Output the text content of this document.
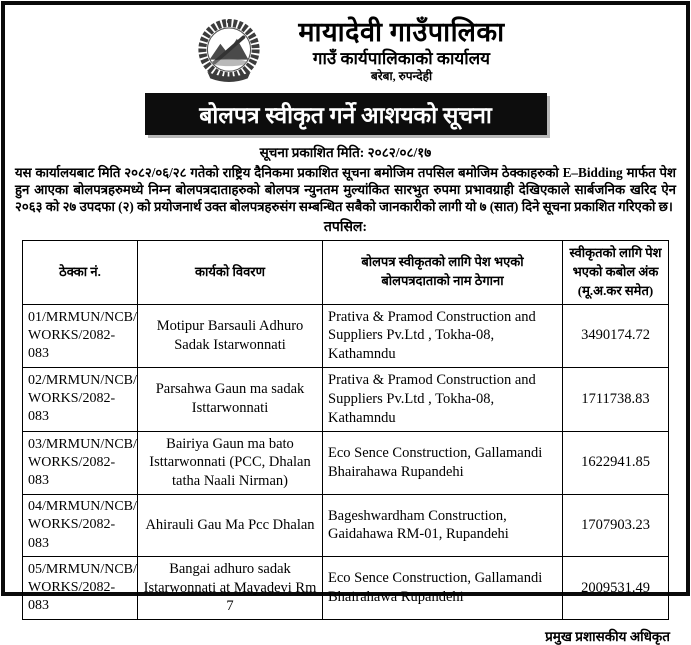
मायादेवी गाउँपालिका
गाउँ कार्यपालिकाको कार्यालय
बरेबा, रुपन्देही
बोलपत्र स्वीकृत गर्ने आशयको सूचना
सूचना प्रकाशित मिति: २०८२/०८/१७
यस कार्यालयबाट मिति २०८२/०६/२८ गतेको राष्ट्रिय दैनिकमा प्रकाशित सूचना बमोजिम तपसिल बमोजिम ठेक्काहरुको E–Bidding मार्फत पेश हुन आएका बोलपत्रहरुमध्ये निम्न बोलपत्रदाताहरुको बोलपत्र न्युनतम मुल्यांकित सारभुत रुपमा प्रभावग्राही देखिएकाले सार्बजनिक खरिद ऐन २०६३ को २७ उपदफा (२) को प्रयोजनार्थ उक्त बोलपत्रहरुसंग सम्बन्धित सबैको जानकारीको लागी यो ७ (सात) दिने सूचना प्रकाशित गरिएको छ।
तपसिल:
ठेक्का नं.	कार्यको विवरण	बोलपत्र स्वीकृतको लागि पेश भएको बोलपत्रदाताको नाम ठेगाना	स्वीकृतको लागि पेश भएको कबोल अंक (मू.अ.कर समेत)
01/MRMUN/NCB/
WORKS/2082-083	Motipur Barsauli Adhuro Sadak Istarwonnati	Prativa & Pramod Construction and Suppliers Pv.Ltd , Tokha-08, Kathamndu	3490174.72
02/MRMUN/NCB/
WORKS/2082-083	Parsahwa Gaun ma sadak Isttarwonnati	Prativa & Pramod Construction and Suppliers Pv.Ltd , Tokha-08, Kathamndu	1711738.83
03/MRMUN/NCB/
WORKS/2082-083	Bairiya Gaun ma bato Isttarwonnati (PCC, Dhalan tatha Naali Nirman)	Eco Sence Construction, Gallamandi Bhairahawa Rupandehi	1622941.85
04/MRMUN/NCB/
WORKS/2082-083	Ahirauli Gau Ma Pcc Dhalan	Bageshwardham Construction, Gaidahawa RM-01, Rupandehi	1707903.23
05/MRMUN/NCB/
WORKS/2082-083	Bangai adhuro sadak Istarwonnati at Mayadevi Rm 7	Eco Sence Construction, Gallamandi Bhairahawa Rupandehi	2009531.49
प्रमुख प्रशासकीय अधिकृत
